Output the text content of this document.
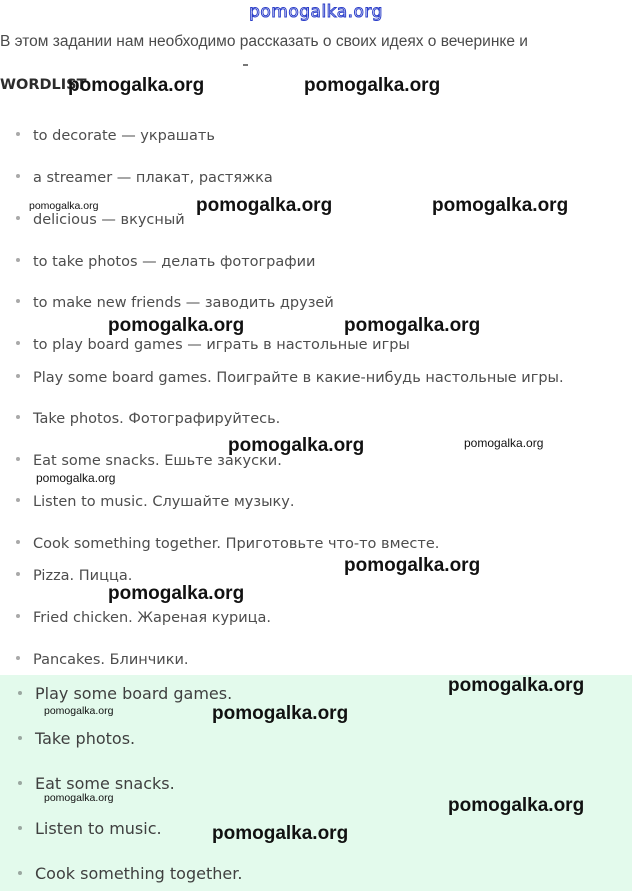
pomogalka.org
В этом задании нам необходимо рассказать о своих идеях о вечеринке и
WORDLIST
to decorate — украшать
a streamer — плакат, растяжка
delicious — вкусный
to take photos — делать фотографии
to make new friends — заводить друзей
to play board games — играть в настольные игры
Play some board games. Поиграйте в какие-нибудь настольные игры.
Take photos. Фотографируйтесь.
Eat some snacks. Ешьте закуски.
Listen to music. Слушайте музыку.
Cook something together. Приготовьте что-то вместе.
Pizza. Пицца.
Fried chicken. Жареная курица.
Pancakes. Блинчики.
Play some board games.
Take photos.
Eat some snacks.
Listen to music.
Cook something together.
pomogalka.org	pomogalka.org
pomogalka.org	pomogalka.org	pomogalka.org
pomogalka.org	pomogalka.org
pomogalka.org	pomogalka.org
pomogalka.org
pomogalka.org
pomogalka.org
pomogalka.org
pomogalka.org	pomogalka.org
pomogalka.org	pomogalka.org
pomogalka.org
